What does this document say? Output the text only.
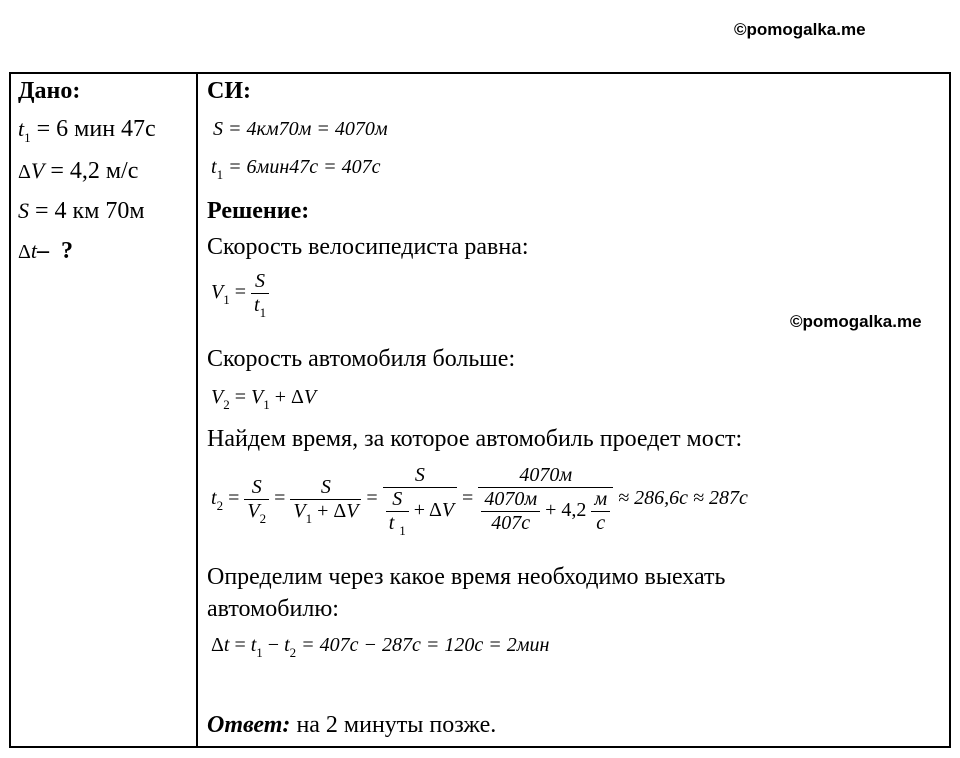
©pomogalka.me
©pomogalka.me
Дано:
$t_1 = 6$ мин 47с
ΔV = 4,2 м/с
S = 4 км 70м
Δt– ?
СИ:
S = 4км70м = 4070м
$t_1 = 6мин47с = 407с$
Решение:
Скорость велосипедиста равна:
$V_1 = \frac{S}{t_1}$
Скорость автомобиля больше:
$V_2 = V_1 + \Delta V$
Найдем время, за которое автомобиль проедет мост:
$t_2 = \frac{S}{V_2} = \frac{S}{V_1 + \Delta V} = \frac{S}{\frac{S}{t _1} + \Delta V} = \frac{4070м}{\frac{4070м}{407с} + 4,2 \frac{м}{с}} \approx 286,6с \approx 287с$
Определим через какое время необходимо выехать
автомобилю:
$\Delta t = t_1 - t_2 = 407с - 287с = 120с = 2мин$
Ответ: на 2 минуты позже.
